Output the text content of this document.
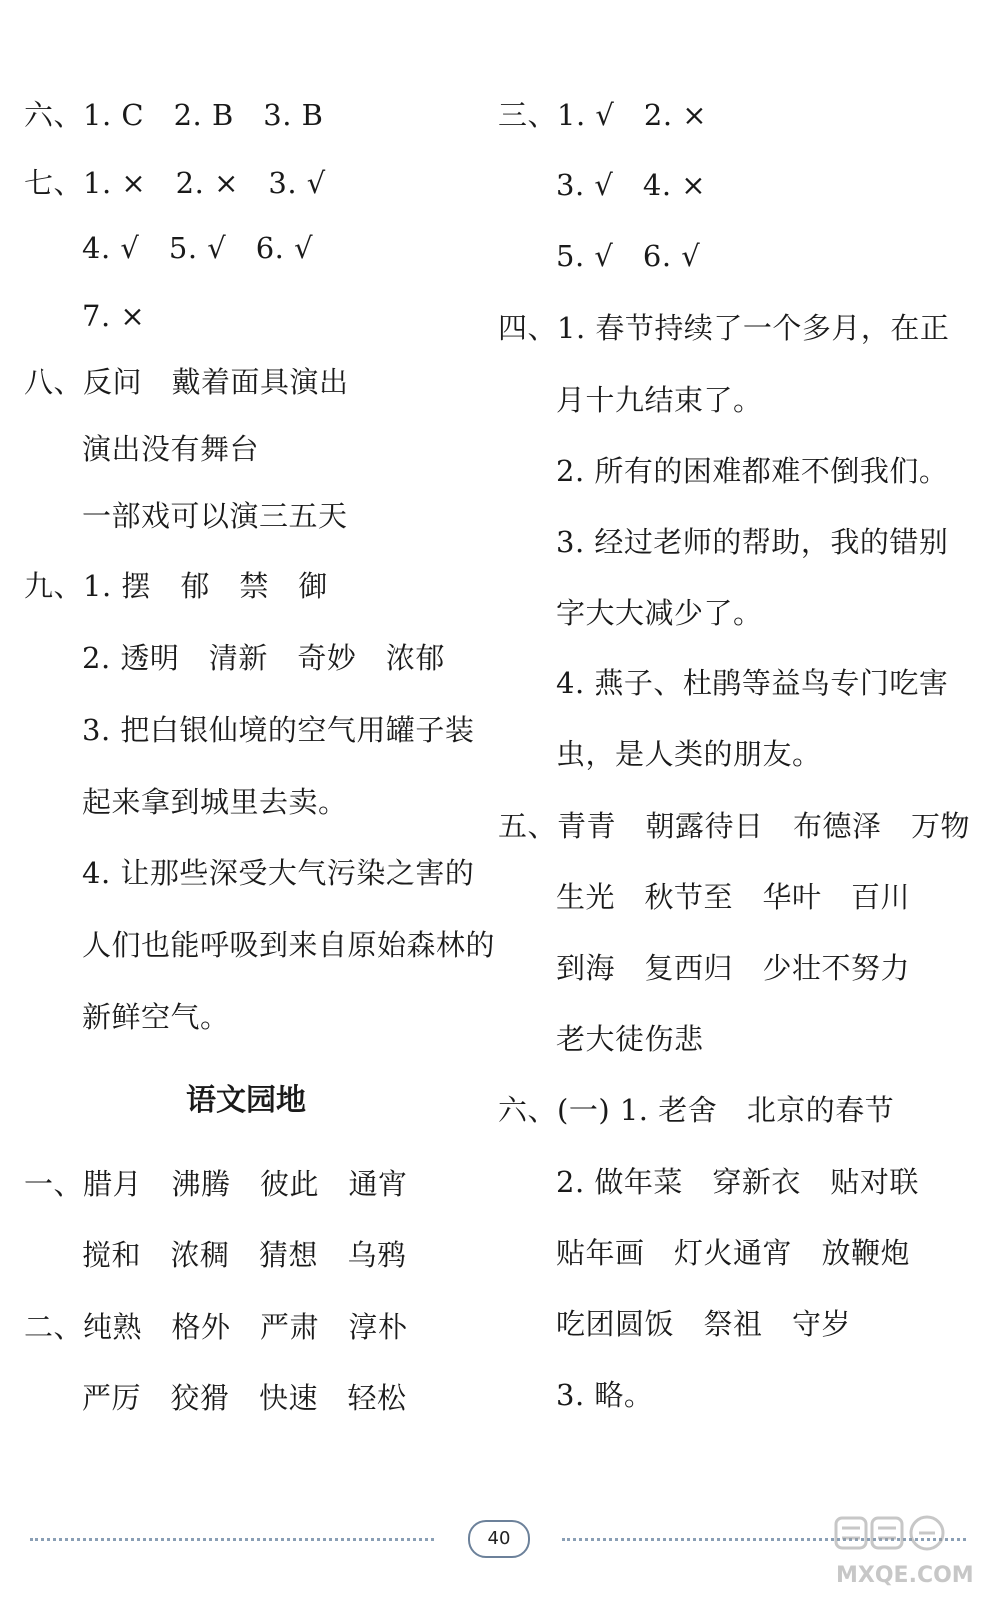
六、1. C　2. B　3. B
七、1. ×　2. ×　3. √
4. √　5. √　6. √
7. ×
八、反问　戴着面具演出
演出没有舞台
一部戏可以演三五天
九、1. 摆　郁　禁　御
2. 透明　清新　奇妙　浓郁
3. 把白银仙境的空气用罐子装
起来拿到城里去卖。
4. 让那些深受大气污染之害的
人们也能呼吸到来自原始森林的
新鲜空气。
语文园地
一、腊月　沸腾　彼此　通宵
搅和　浓稠　猜想　乌鸦
二、纯熟　格外　严肃　淳朴
严厉　狡猾　快速　轻松
三、1. √　2. ×
3. √　4. ×
5. √　6. √
四、1. 春节持续了一个多月，在正
月十九结束了。
2. 所有的困难都难不倒我们。
3. 经过老师的帮助，我的错别
字大大减少了。
4. 燕子、杜鹃等益鸟专门吃害
虫，是人类的朋友。
五、青青　朝露待日　布德泽　万物
生光　秋节至　华叶　百川
到海　复西归　少壮不努力
老大徒伤悲
六、(一) 1. 老舍　北京的春节
2. 做年菜　穿新衣　贴对联
贴年画　灯火通宵　放鞭炮
吃团圆饭　祭祖　守岁
3. 略。
40
MXQE.COM
